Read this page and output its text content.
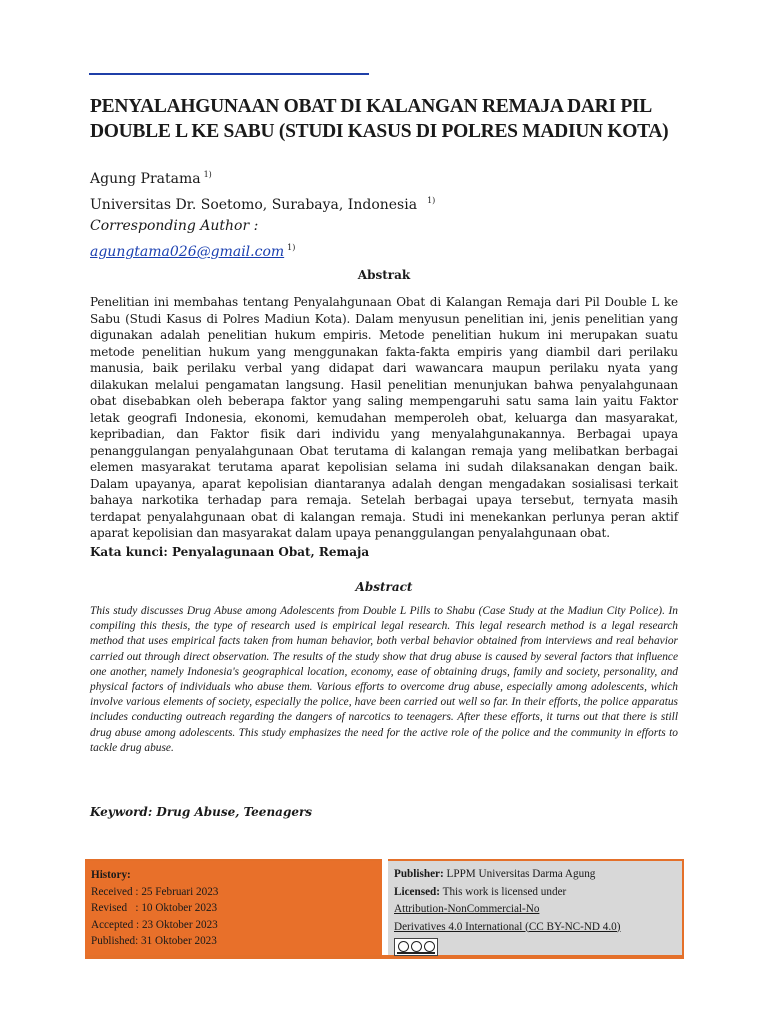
PENYALAHGUNAAN OBAT DI KALANGAN REMAJA DARI PIL DOUBLE L KE SABU (STUDI KASUS DI POLRES MADIUN KOTA)
Agung Pratama $^{1)}$
Universitas Dr. Soetomo, Surabaya, Indonesia $^{1)}$
Corresponding Author :
agungtama026@gmail.com $^{1)}$
Abstrak
Penelitian ini membahas tentang Penyalahgunaan Obat di Kalangan Remaja dari Pil Double L ke Sabu (Studi Kasus di Polres Madiun Kota). Dalam menyusun penelitian ini, jenis penelitian yang digunakan adalah penelitian hukum empiris. Metode penelitian hukum ini merupakan suatu metode penelitian hukum yang menggunakan fakta-fakta empiris yang diambil dari perilaku manusia, baik perilaku verbal yang didapat dari wawancara maupun perilaku nyata yang dilakukan melalui pengamatan langsung. Hasil penelitian menunjukan bahwa penyalahgunaan obat disebabkan oleh beberapa faktor yang saling mempengaruhi satu sama lain yaitu Faktor letak geografi Indonesia, ekonomi, kemudahan memperoleh obat, keluarga dan masyarakat, kepribadian, dan Faktor fisik dari individu yang menyalahgunakannya. Berbagai upaya penanggulangan penyalahgunaan Obat terutama di kalangan remaja yang melibatkan berbagai elemen masyarakat terutama aparat kepolisian selama ini sudah dilaksanakan dengan baik. Dalam upayanya, aparat kepolisian diantaranya adalah dengan mengadakan sosialisasi terkait bahaya narkotika terhadap para remaja. Setelah berbagai upaya tersebut, ternyata masih terdapat penyalahgunaan obat di kalangan remaja. Studi ini menekankan perlunya peran aktif aparat kepolisian dan masyarakat dalam upaya penanggulangan penyalahgunaan obat.
Kata kunci: Penyalagunaan Obat, Remaja
Abstract
This study discusses Drug Abuse among Adolescents from Double L Pills to Shabu (Case Study at the Madiun City Police). In compiling this thesis, the type of research used is empirical legal research. This legal research method is a legal research method that uses empirical facts taken from human behavior, both verbal behavior obtained from interviews and real behavior carried out through direct observation. The results of the study show that drug abuse is caused by several factors that influence one another, namely Indonesia's geographical location, economy, ease of obtaining drugs, family and society, personality, and physical factors of individuals who abuse them. Various efforts to overcome drug abuse, especially among adolescents, which involve various elements of society, especially the police, have been carried out well so far. In their efforts, the police apparatus includes conducting outreach regarding the dangers of narcotics to teenagers. After these efforts, it turns out that there is still drug abuse among adolescents. This study emphasizes the need for the active role of the police and the community in efforts to tackle drug abuse.
Keyword: Drug Abuse, Teenagers
History:
Received : 25 Februari 2023
Revised   : 10 Oktober 2023
Accepted : 23 Oktober 2023
Published: 31 Oktober 2023
Publisher: LPPM Universitas Darma Agung
Licensed: This work is licensed under
Attribution-NonCommercial-No
Derivatives 4.0 International (CC BY-NC-ND 4.0)
